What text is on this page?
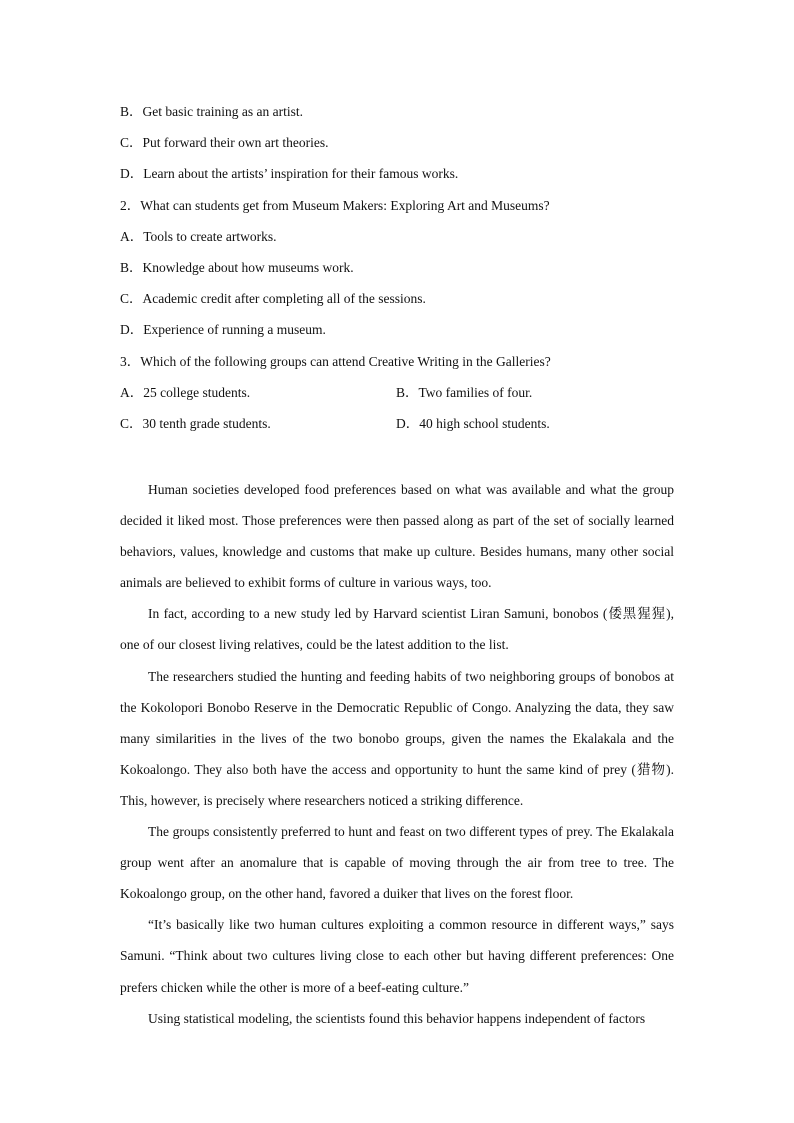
B．Get basic training as an artist.
C．Put forward their own art theories.
D．Learn about the artists’ inspiration for their famous works.
2．What can students get from Museum Makers: Exploring Art and Museums?
A．Tools to create artworks.
B．Knowledge about how museums work.
C．Academic credit after completing all of the sessions.
D．Experience of running a museum.
3．Which of the following groups can attend Creative Writing in the Galleries?
A．25 college students.	B．Two families of four.
C．30 tenth grade students.	D．40 high school students.

Human societies developed food preferences based on what was available and what the group decided it liked most. Those preferences were then passed along as part of the set of socially learned behaviors, values, knowledge and customs that make up culture. Besides humans, many other social animals are believed to exhibit forms of culture in various ways, too.

In fact, according to a new study led by Harvard scientist Liran Samuni, bonobos (倭黑猩猩), one of our closest living relatives, could be the latest addition to the list.

The researchers studied the hunting and feeding habits of two neighboring groups of bonobos at the Kokolopori Bonobo Reserve in the Democratic Republic of Congo. Analyzing the data, they saw many similarities in the lives of the two bonobo groups, given the names the Ekalakala and the Kokoalongo. They also both have the access and opportunity to hunt the same kind of prey (猎物). This, however, is precisely where researchers noticed a striking difference.

The groups consistently preferred to hunt and feast on two different types of prey. The Ekalakala group went after an anomalure that is capable of moving through the air from tree to tree. The Kokoalongo group, on the other hand, favored a duiker that lives on the forest floor.

“It’s basically like two human cultures exploiting a common resource in different ways,” says Samuni. “Think about two cultures living close to each other but having different preferences: One prefers chicken while the other is more of a beef-eating culture.”

Using statistical modeling, the scientists found this behavior happens independent of factors
